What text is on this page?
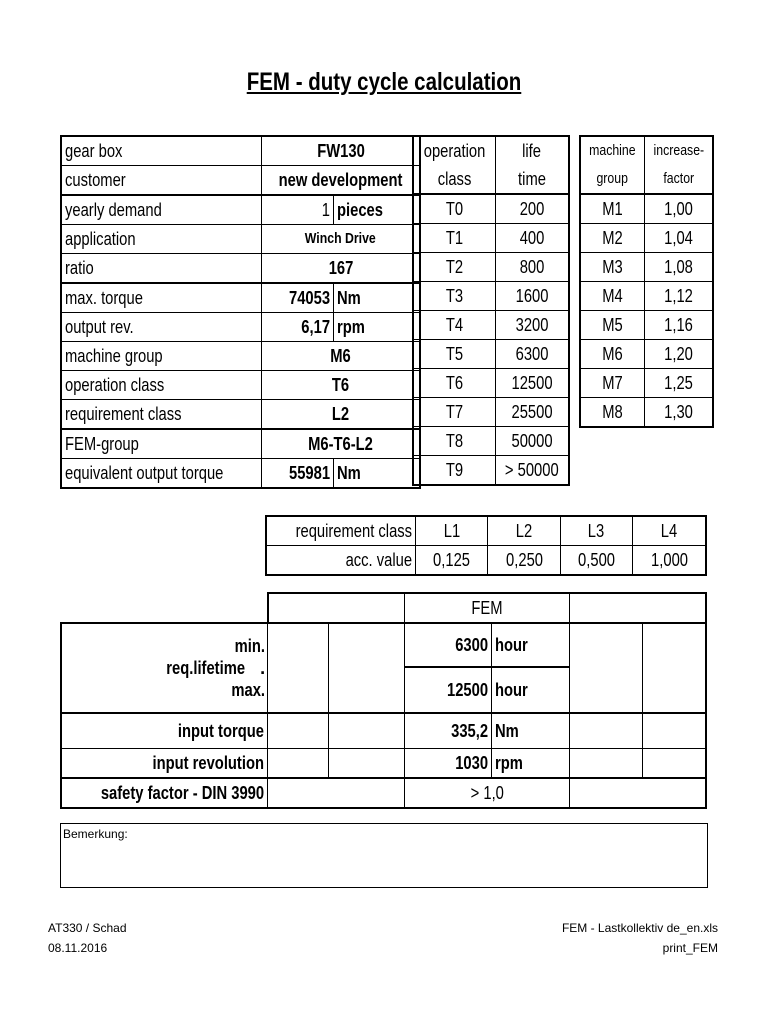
FEM - duty cycle calculation
gear box	FW130	
customer	new development	
yearly demand	1	pieces
application	Winch Drive	
ratio	167	
max. torque	74053	Nm
output rev.	6,17	rpm
machine group	M6	
operation class	T6	
requirement class	L2	
FEM-group	M6-T6-L2	
equivalent output torque	55981	Nm
operation	life
class	time
T0	200
T1	400
T2	800
T3	1600
T4	3200
T5	6300
T6	12500
T7	25500
T8	50000
T9	> 50000
machine	increase-
group	factor
M1	1,00
M2	1,04
M3	1,08
M4	1,12
M5	1,16
M6	1,20
M7	1,25
M8	1,30
requirement class	L1	L2	L3	L4
acc. value	0,125	0,250	0,500	1,000
			FEM			

min.
req.lifetime .
max.			6300	hour		

			12500	hour		
input torque			335,2	Nm		
input revolution			1030	rpm		
safety factor - DIN 3990			> 1,0			
Bemerkung:
AT330 / Schad
08.11.2016
FEM - Lastkollektiv de_en.xls
print_FEM
